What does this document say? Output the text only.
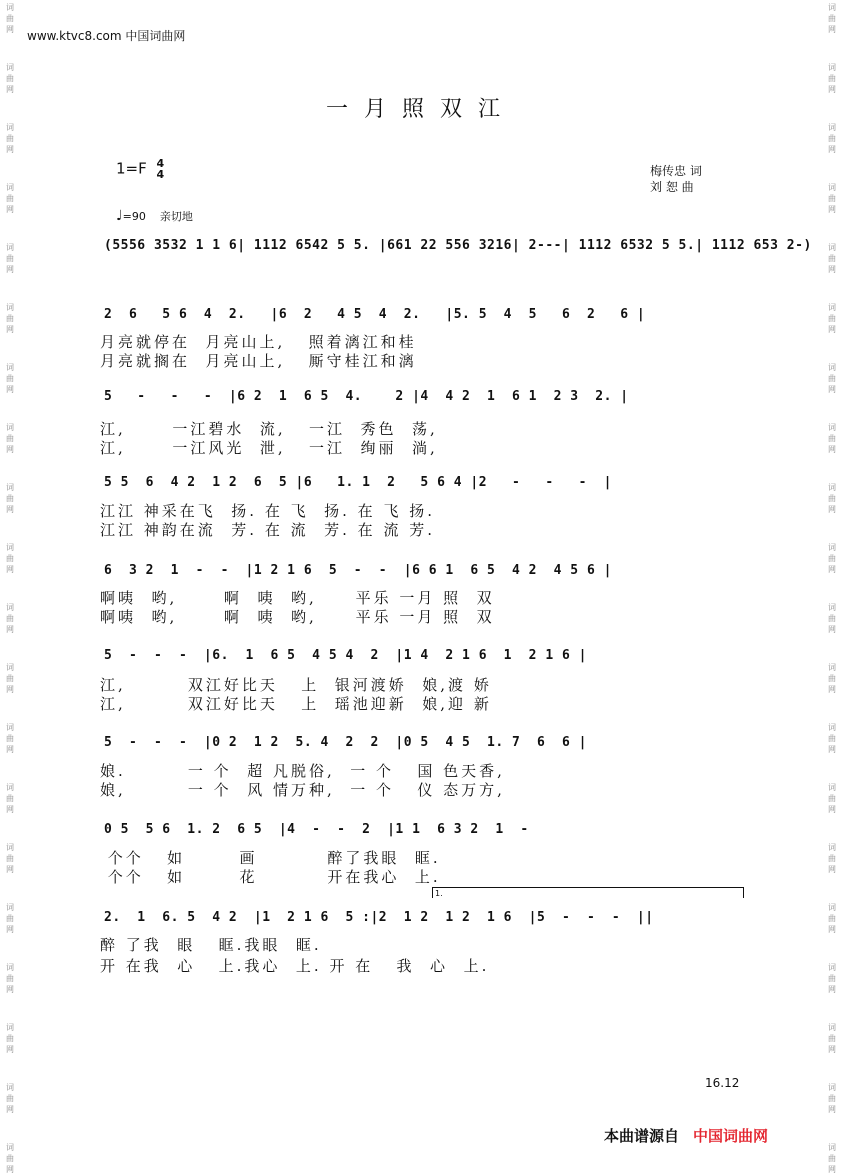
词
曲
网
词
曲
网
词
曲
网
词
曲
网
词
曲
网
词
曲
网
词
曲
网
词
曲
网
词
曲
网
词
曲
网
词
曲
网
词
曲
网
词
曲
网
词
曲
网
词
曲
网
词
曲
网
词
曲
网
词
曲
网
词
曲
网
词
曲
网
词
曲
网
词
曲
网
词
曲
网
词
曲
网
词
曲
网
词
曲
网
词
曲
网
词
曲
网
词
曲
网
词
曲
网
词
曲
网
词
曲
网
词
曲
网
词
曲
网
词
曲
网
词
曲
网
词
曲
网
词
曲
网
词
曲
网
词
曲
网
www.ktvc8.com 中国词曲网
一月照双江
1=F 4
4	梅传忠 词
刘 恕 曲
♩=90 亲切地
(5556 3532 1 1 6| 1112 6542 5 5. |661 22 556 3216| 2---| 1112 6532 5 5.| 1112 653 2-)
2  6   5 6  4  2.   |6  2   4 5  4  2.   |5. 5  4  5   6  2   6 |
月亮就停在  月亮山上,   照着漓江和桂
月亮就搁在  月亮山上,   厮守桂江和漓
5   -   -   -  |6 2  1  6 5  4.    2 |4  4 2  1  6 1  2 3  2. |
江,      一江碧水  流,   一江  秀色  荡,
江,      一江风光  泄,   一江  绚丽  淌,
5 5  6  4 2  1 2  6  5 |6   1. 1  2   5 6 4 |2   -   -   -  |
江江 神采在飞  扬. 在 飞  扬. 在 飞 扬.
江江 神韵在流  芳. 在 流  芳. 在 流 芳.
6  3 2  1  -  -  |1 2 1 6  5  -  -  |6 6 1  6 5  4 2  4 5 6 |
啊咦  哟,      啊  咦  哟,     平乐 一月 照  双
啊咦  哟,      啊  咦  哟,     平乐 一月 照  双
5  -  -  -  |6.  1  6 5  4 5 4  2  |1 4  2 1 6  1  2 1 6 |
江,        双江好比天   上  银河渡娇  娘,渡 娇
江,        双江好比天   上  瑶池迎新  娘,迎 新
5  -  -  -  |0 2  1 2  5. 4  2  2  |0 5  4 5  1. 7  6  6 |
娘.        一 个  超 凡脱俗,  一 个   国 色天香,
娘,        一 个  风 情万种,  一 个   仪 态万方,
0 5  5 6  1. 2  6 5  |4  -  -  2  |1 1  6 3 2  1  -
个个   如       画         醉了我眼  眶.
个个   如       花         开在我心  上.
1.
2.  1  6. 5  4 2  |1  2 1 6  5 :|2  1 2  1 2  1 6  |5  -  -  -  ||
醉 了我  眼   眶.我眼  眶.
开 在我  心   上.我心  上. 开 在   我  心  上.
16.12
本曲谱源自 中国词曲网
